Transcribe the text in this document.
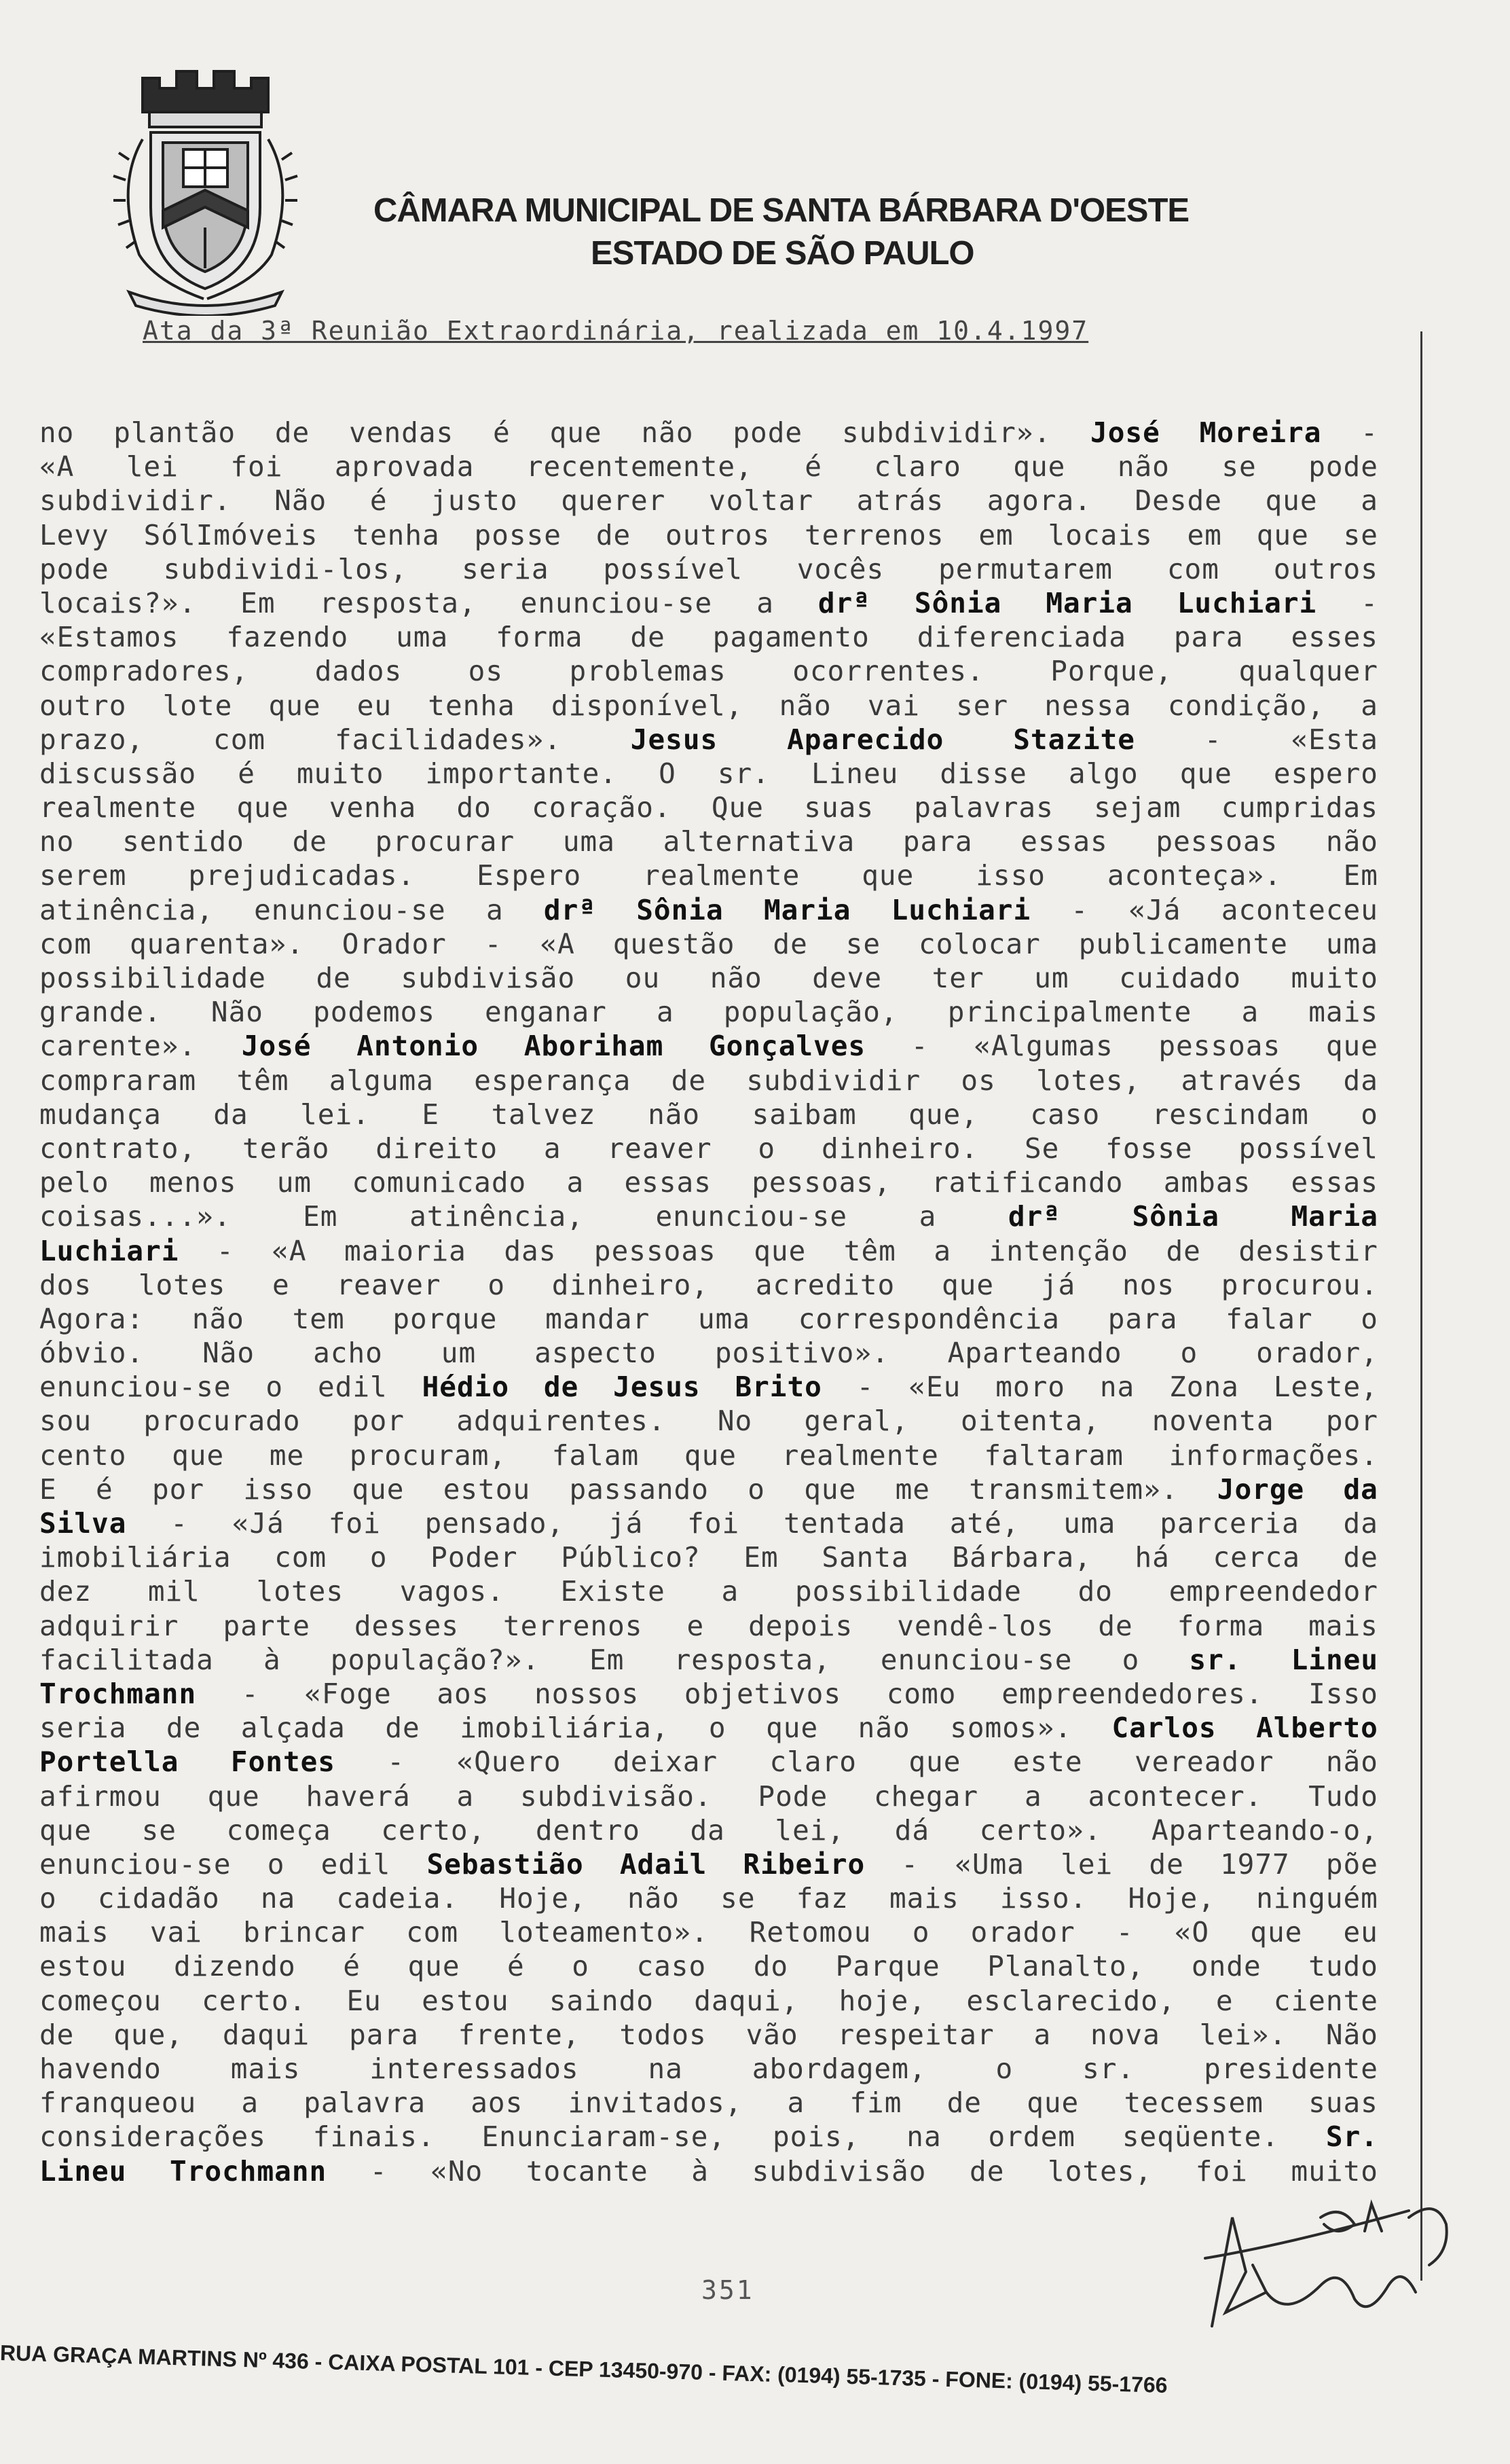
CÂMARA MUNICIPAL DE SANTA BÁRBARA D'OESTE
ESTADO DE SÃO PAULO

Ata da 3ª Reunião Extraordinária, realizada em 10.4.1997

no plantão de vendas é que não pode subdividir». José Moreira -
«A lei foi aprovada recentemente, é claro que não se pode
subdividir. Não é justo querer voltar atrás agora. Desde que a
Levy SólImóveis tenha posse de outros terrenos em locais em que se
pode subdividi-los, seria possível vocês permutarem com outros
locais?». Em resposta, enunciou-se a drª Sônia Maria Luchiari -
«Estamos fazendo uma forma de pagamento diferenciada para esses
compradores, dados os problemas ocorrentes. Porque, qualquer
outro lote que eu tenha disponível, não vai ser nessa condição, a
prazo, com facilidades». Jesus Aparecido Stazite - «Esta
discussão é muito importante. O sr. Lineu disse algo que espero
realmente que venha do coração. Que suas palavras sejam cumpridas
no sentido de procurar uma alternativa para essas pessoas não
serem prejudicadas. Espero realmente que isso aconteça». Em
atinência, enunciou-se a drª Sônia Maria Luchiari - «Já aconteceu
com quarenta». Orador - «A questão de se colocar publicamente uma
possibilidade de subdivisão ou não deve ter um cuidado muito
grande. Não podemos enganar a população, principalmente a mais
carente». José Antonio Aboriham Gonçalves - «Algumas pessoas que
compraram têm alguma esperança de subdividir os lotes, através da
mudança da lei. E talvez não saibam que, caso rescindam o
contrato, terão direito a reaver o dinheiro. Se fosse possível
pelo menos um comunicado a essas pessoas, ratificando ambas essas
coisas...».	Em	atinência,	enunciou-se	a	drª	Sônia	Maria
Luchiari - «A maioria das pessoas que têm a intenção de desistir
dos lotes e reaver o dinheiro, acredito que já nos procurou.
Agora: não tem porque mandar uma correspondência para falar o
óbvio. Não acho um aspecto positivo». Aparteando o orador,
enunciou-se o edil Hédio de Jesus Brito - «Eu moro na Zona Leste,
sou procurado por adquirentes. No geral, oitenta, noventa por
cento que me procuram, falam que realmente faltaram informações.
E é por isso que estou passando o que me transmitem». Jorge da
Silva - «Já foi pensado, já foi tentada até, uma parceria da
imobiliária com o Poder Público? Em Santa Bárbara, há cerca de
dez mil lotes vagos. Existe a possibilidade do empreendedor
adquirir parte desses terrenos e depois vendê-los de forma mais
facilitada à população?». Em resposta, enunciou-se o sr. Lineu
Trochmann - «Foge aos nossos objetivos como empreendedores. Isso
seria de alçada de imobiliária, o que não somos». Carlos Alberto
Portella Fontes - «Quero deixar claro que este vereador não
afirmou que haverá a subdivisão. Pode chegar a acontecer. Tudo
que se começa certo, dentro da lei, dá certo». Aparteando-o,
enunciou-se o edil Sebastião Adail Ribeiro - «Uma lei de 1977 põe
o cidadão na cadeia. Hoje, não se faz mais isso. Hoje, ninguém
mais vai brincar com loteamento». Retomou o orador - «O que eu
estou dizendo é que é o caso do Parque Planalto, onde tudo
começou certo. Eu estou saindo daqui, hoje, esclarecido, e ciente
de que, daqui para frente, todos vão respeitar a nova lei». Não
havendo mais interessados na abordagem, o sr. presidente
franqueou a palavra aos invitados, a fim de que tecessem suas
considerações finais. Enunciaram-se, pois, na ordem seqüente. Sr.
Lineu Trochmann - «No tocante à subdivisão de lotes, foi muito

351

RUA GRAÇA MARTINS Nº 436 - CAIXA POSTAL 101 - CEP 13450-970 - FAX: (0194) 55-1735 - FONE: (0194) 55-1766
